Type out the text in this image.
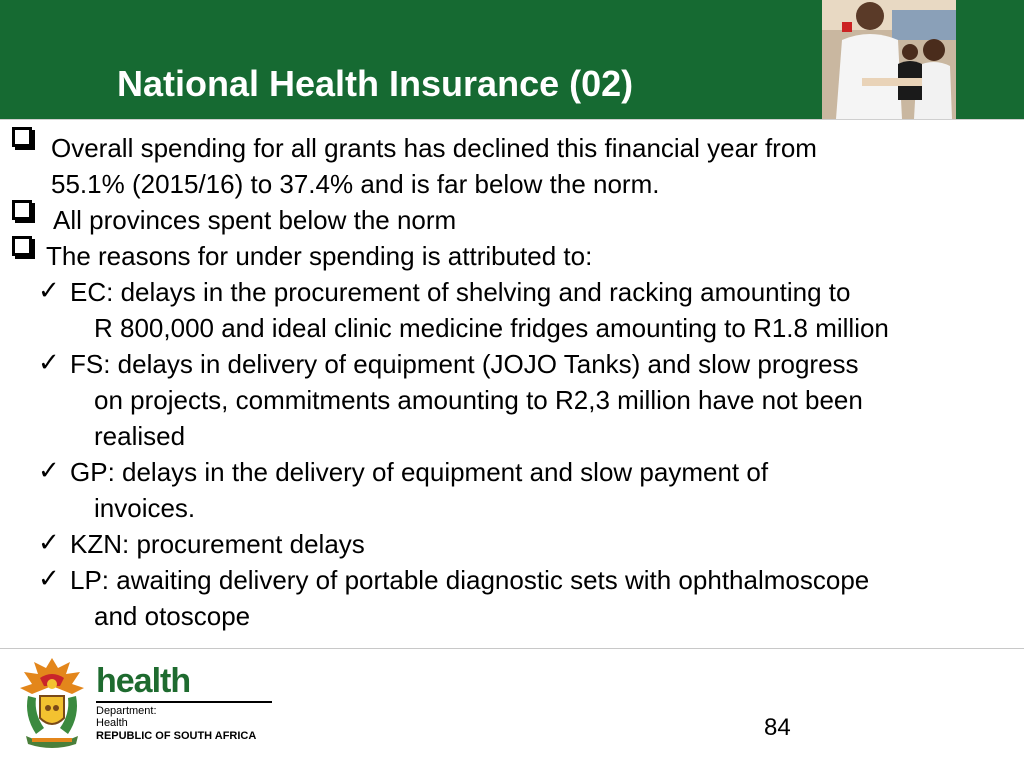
National Health Insurance (02)
Overall spending for all grants has declined this financial year from
55.1% (2015/16) to 37.4% and is far below the norm.
All provinces spent below the norm
The reasons for under spending is attributed to:
✓ EC: delays in the procurement of shelving and racking amounting to
R 800,000 and ideal clinic medicine fridges amounting to R1.8 million
✓ FS: delays in delivery of equipment (JOJO Tanks) and slow progress
on projects, commitments amounting to R2,3 million have not been
realised
✓ GP: delays in the delivery of equipment and slow payment of
invoices.
✓ KZN: procurement delays
✓ LP: awaiting delivery of portable diagnostic sets with ophthalmoscope
and otoscope
health
Department:
Health
REPUBLIC OF SOUTH AFRICA	84
